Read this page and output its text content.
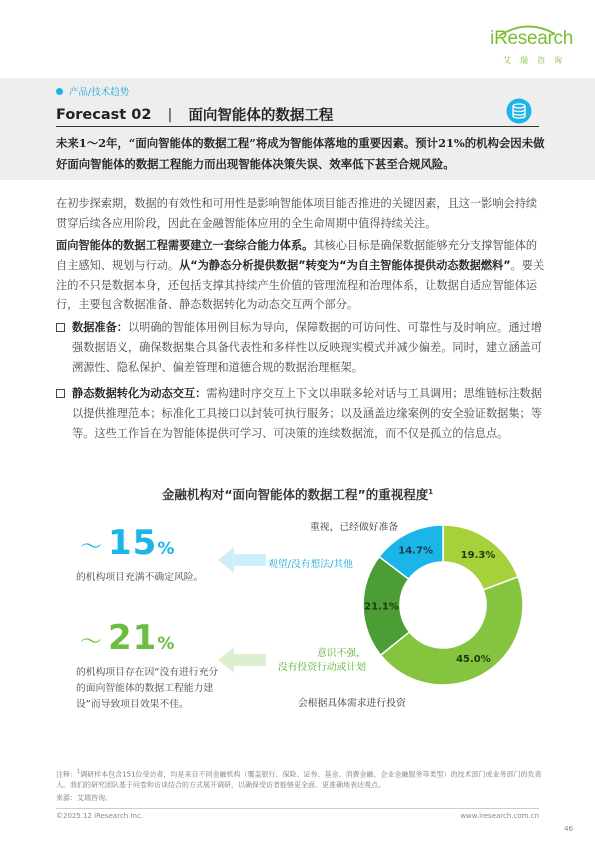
iResearch
艾瑞咨询
产品/技术趋势
Forecast 02 | 面向智能体的数据工程
未来1～2年，“面向智能体的数据工程”将成为智能体落地的重要因素。预计21%的机构会因未做好面向智能体的数据工程能力而出现智能体决策失误、效率低下甚至合规风险。
在初步探索期，数据的有效性和可用性是影响智能体项目能否推进的关键因素，且这一影响会持续贯穿后续各应用阶段，因此在金融智能体应用的全生命周期中值得持续关注。
面向智能体的数据工程需要建立一套综合能力体系。其核心目标是确保数据能够充分支撑智能体的自主感知、规划与行动。从“为静态分析提供数据”转变为“为自主智能体提供动态数据燃料”。要关注的不只是数据本身，还包括支撑其持续产生价值的管理流程和治理体系，让数据自适应智能体运行，主要包含数据准备、静态数据转化为动态交互两个部分。
数据准备：以明确的智能体用例目标为导向，保障数据的可访问性、可靠性与及时响应。通过增强数据语义，确保数据集合具备代表性和多样性以反映现实模式并减少偏差。同时，建立涵盖可溯源性、隐私保护、偏差管理和道德合规的数据治理框架。
静态数据转化为动态交互：需构建时序交互上下文以串联多轮对话与工具调用；思维链标注数据以提供推理范本；标准化工具接口以封装可执行服务；以及涵盖边缘案例的安全验证数据集；等等。这些工作旨在为智能体提供可学习、可决策的连续数据流，而不仅是孤立的信息点。
金融机构对“面向智能体的数据工程”的重视程度$^1$
～ 15 %
的机构项目充满不确定风险。
～ 21 %
的机构项目存在因“没有进行充分的面向智能体的数据工程能力建设”而导致项目效果不佳。
重视，已经做好准备
观望/没有想法/其他
意识不强，
没有投资行动或计划
会根据具体需求进行投资
19.3%
45.0%
21.1%
14.7%
注释：$^1$调研样本包含151位受访者，均是来自不同金融机构（覆盖银行、保险、证券、基金、消费金融、企业金融服务等类型）的技术部门或业务部门的负责人。我们的研究团队基于问卷和访谈结合的方式展开调研，以确保受访者能够更全面、更准确地表达观点。
来源：艾瑞咨询。
©2025.12 iResearch Inc.	www.iresearch.com.cn
46
